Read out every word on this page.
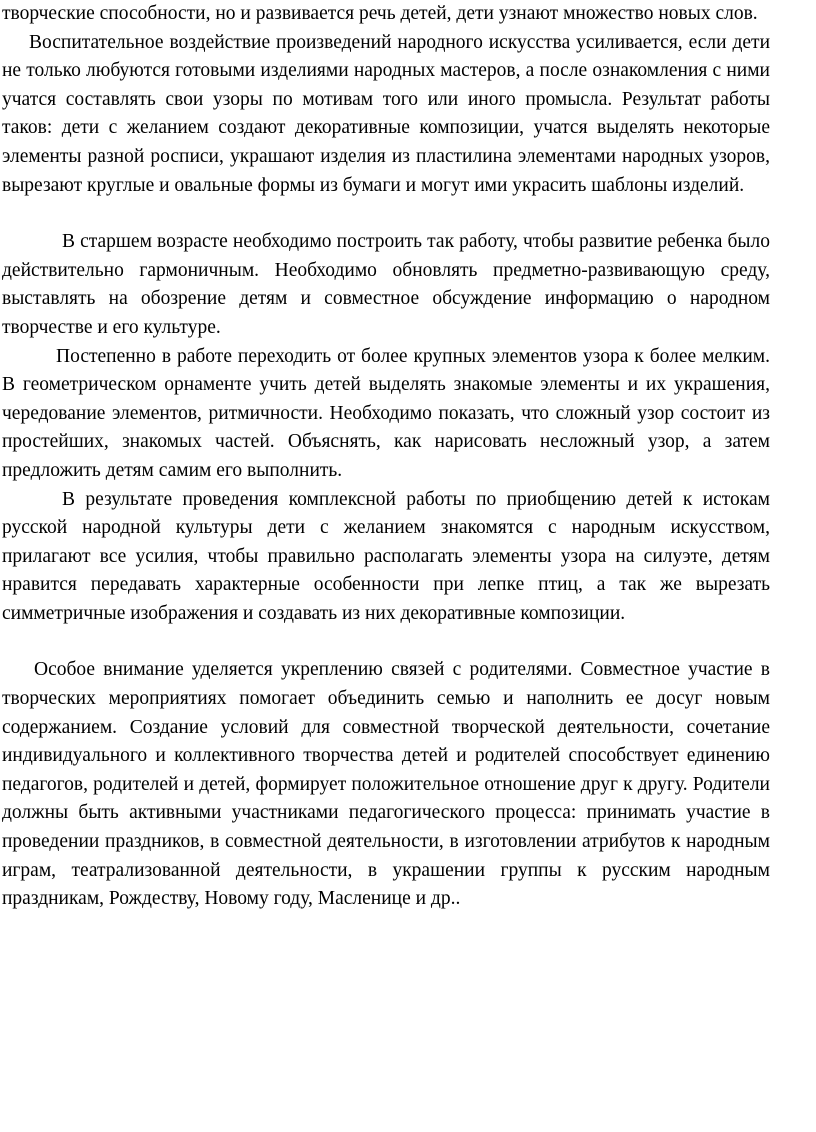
творческие способности, но и развивается речь детей, дети узнают множество новых слов.

Воспитательное воздействие произведений народного искусства усиливается, если дети не только любуются готовыми изделиями народных мастеров, а после ознакомления с ними учатся составлять свои узоры по мотивам того или иного промысла. Результат работы таков: дети с желанием создают декоративные композиции, учатся выделять некоторые элементы разной росписи, украшают изделия из пластилина элементами народных узоров, вырезают круглые и овальные формы из бумаги и могут ими украсить шаблоны изделий.

В старшем возрасте необходимо построить так работу, чтобы развитие ребенка было действительно гармоничным. Необходимо обновлять предметно-развивающую среду, выставлять на обозрение детям и совместное обсуждение информацию о народном творчестве и его культуре.

Постепенно в работе переходить от более крупных элементов узора к более мелким. В геометрическом орнаменте учить детей выделять знакомые элементы и их украшения, чередование элементов, ритмичности. Необходимо показать, что сложный узор состоит из простейших, знакомых частей. Объяснять, как нарисовать несложный узор, а затем предложить детям самим его выполнить.

В результате проведения комплексной работы по приобщению детей к истокам русской народной культуры дети с желанием знакомятся с народным искусством, прилагают все усилия, чтобы правильно располагать элементы узора на силуэте, детям нравится передавать характерные особенности при лепке птиц, а так же вырезать симметричные изображения и создавать из них декоративные композиции.

Особое внимание уделяется укреплению связей с родителями. Совместное участие в творческих мероприятиях помогает объединить семью и наполнить ее досуг новым содержанием. Создание условий для совместной творческой деятельности, сочетание индивидуального и коллективного творчества детей и родителей способствует единению педагогов, родителей и детей, формирует положительное отношение друг к другу. Родители должны быть активными участниками педагогического процесса: принимать участие в проведении праздников, в совместной деятельности, в изготовлении атрибутов к народным играм, театрализованной деятельности, в украшении группы к русским народным праздникам, Рождеству, Новому году, Масленице и др..
